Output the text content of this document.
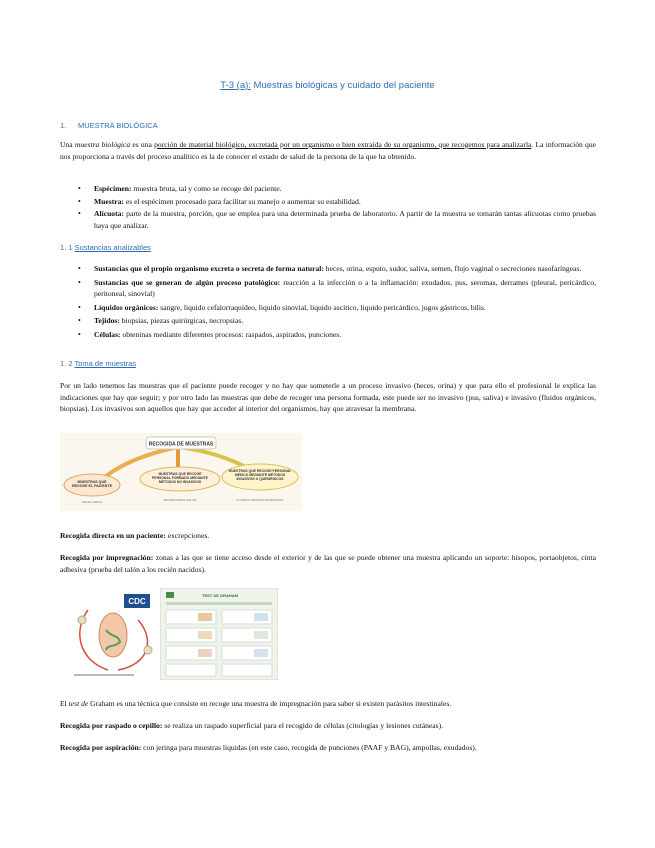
T-3 (a): Muestras biológicas y cuidado del paciente
1. MUESTRA BIOLÓGICA

Una muestra biológica es una porción de material biológico, excretada por un organismo o bien extraída de su organismo, que recogemos para analizarla. La información que nos proporciona a través del proceso analítico es la de conocer el estado de salud de la persona de la que ha obtenido.

• Espécimen: muestra bruta, tal y como se recoge del paciente.
• Muestra: es el espécimen procesado para facilitar su manejo o aumentar su estabilidad.
• Alícuota: parte de la muestra, porción, que se emplea para una determinada prueba de laboratorio. A partir de la muestra se tomarán tantas alícuotas como pruebas haya que analizar.
1. 1 Sustancias analizables
• Sustancias que el propio organismo excreta o secreta de forma natural: heces, orina, esputo, sudor, saliva, semen, flujo vaginal o secreciones nasofaríngeas.
• Sustancias que se generan de algún proceso patológico: reacción a la infección o a la inflamación: exudados, pus, seromas, derrames (pleural, pericárdico, peritoneal, sinovial)
• Líquidos orgánicos: sangre, liquido cefalorraquídeo, liquido sinovial, liquido ascítico, liquido pericárdico, jugos gástricos, bilis.
• Tejidos: biopsias, piezas quirúrgicas, necropsias.
• Células: obteninas mediante diferentes procesos: raspados, aspirados, punciones.
1. 2 Toma de muestras

Por un lado tenemos las muestras que el paciente puede recoger y no hay que someterle a un proceso invasivo (heces, orina) y que para ello el profesional le explica las indicaciones que hay que seguir; y por otro lado las muestras que debe de recoger una persona formada, este puede ser no invasivo (pus, saliva) e invasivo (fluidos orgánicos, biopsias). Los invasivos son aquellos que hay que acceder al interior del organismos, hay que atravesar la membrana.

RECOGIDA DE MUESTRAS
MUESTRAS QUE RECOGE EL PACIENTE
HECES ORINA
MUESTRAS QUE RECOGE PERSONAL FORMADO MEDIANTE MÉTODOS NO INVASIVOS
SECRECIONES SALIVA
MUESTRAS QUE RECOGE PERSONAL MÉDICO MEDIANTE MÉTODOS INVASIVOS O QUIRÚRGICOS
FLUIDOS ORGÁNICOS BIOPSIAS

Recogida directa en un paciente: excrepciones.

Recogida por impregnación: zonas a las que se tiene acceso desde el exterior y de las que se puede obtener una muestra aplicando un soporte: hisopos, portaobjetos, cinta adhesiva (prueba del talón a los recién nacidos).

CDC
TEST DE GRAHAM

El test de Graham es una técnica que consiste en recoge una muestra de impregnación para saber si existen parásitos intestinales.

Recogida por raspado o cepillo: se realiza un raspado superficial para el recogido de células (citologías y lesiones cutáneas).

Recogida por aspiración: con jeringa para muestras líquidas (en este caso, recogida de punciones (PAAF y BAG), ampollas, exudados).
